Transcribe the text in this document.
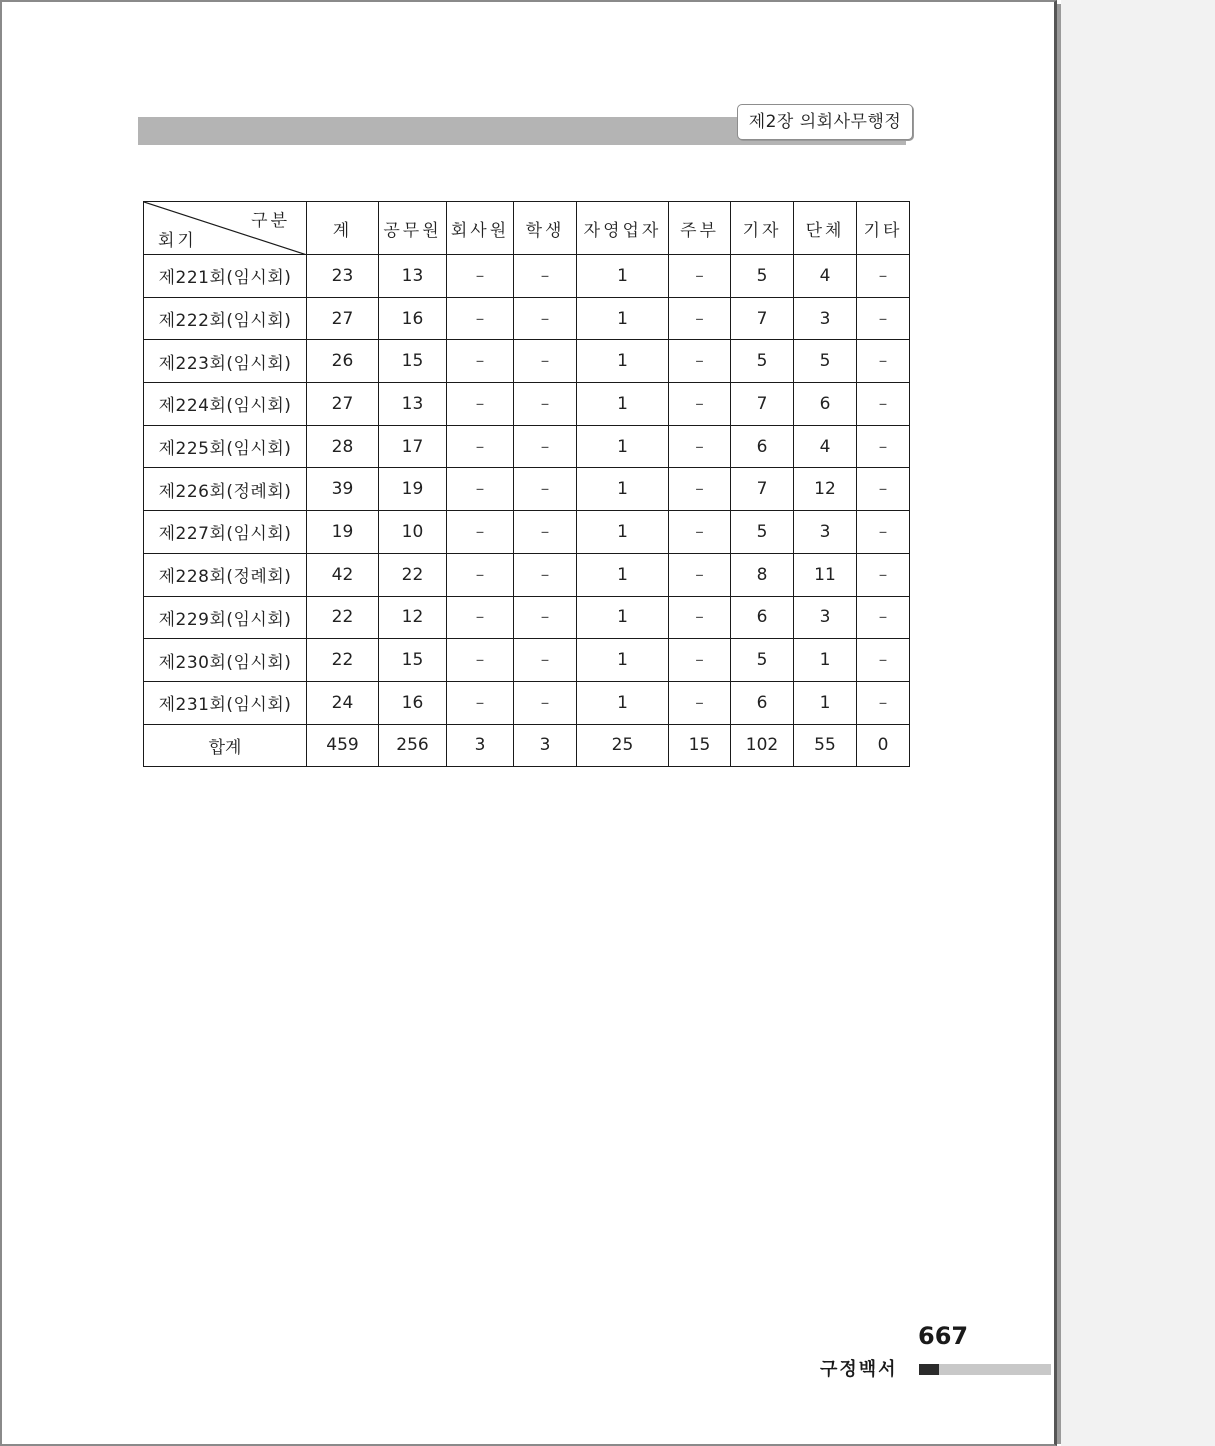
제2장 의회사무행정
구분
회기	계	공무원	회사원	학생	자영업자	주부	기자	단체	기타
제221회(임시회)	23	13	–	–	1	–	5	4	–
제222회(임시회)	27	16	–	–	1	–	7	3	–
제223회(임시회)	26	15	–	–	1	–	5	5	–
제224회(임시회)	27	13	–	–	1	–	7	6	–
제225회(임시회)	28	17	–	–	1	–	6	4	–
제226회(정례회)	39	19	–	–	1	–	7	12	–
제227회(임시회)	19	10	–	–	1	–	5	3	–
제228회(정례회)	42	22	–	–	1	–	8	11	–
제229회(임시회)	22	12	–	–	1	–	6	3	–
제230회(임시회)	22	15	–	–	1	–	5	1	–
제231회(임시회)	24	16	–	–	1	–	6	1	–
합계	459	256	3	3	25	15	102	55	0
667
구정백서
